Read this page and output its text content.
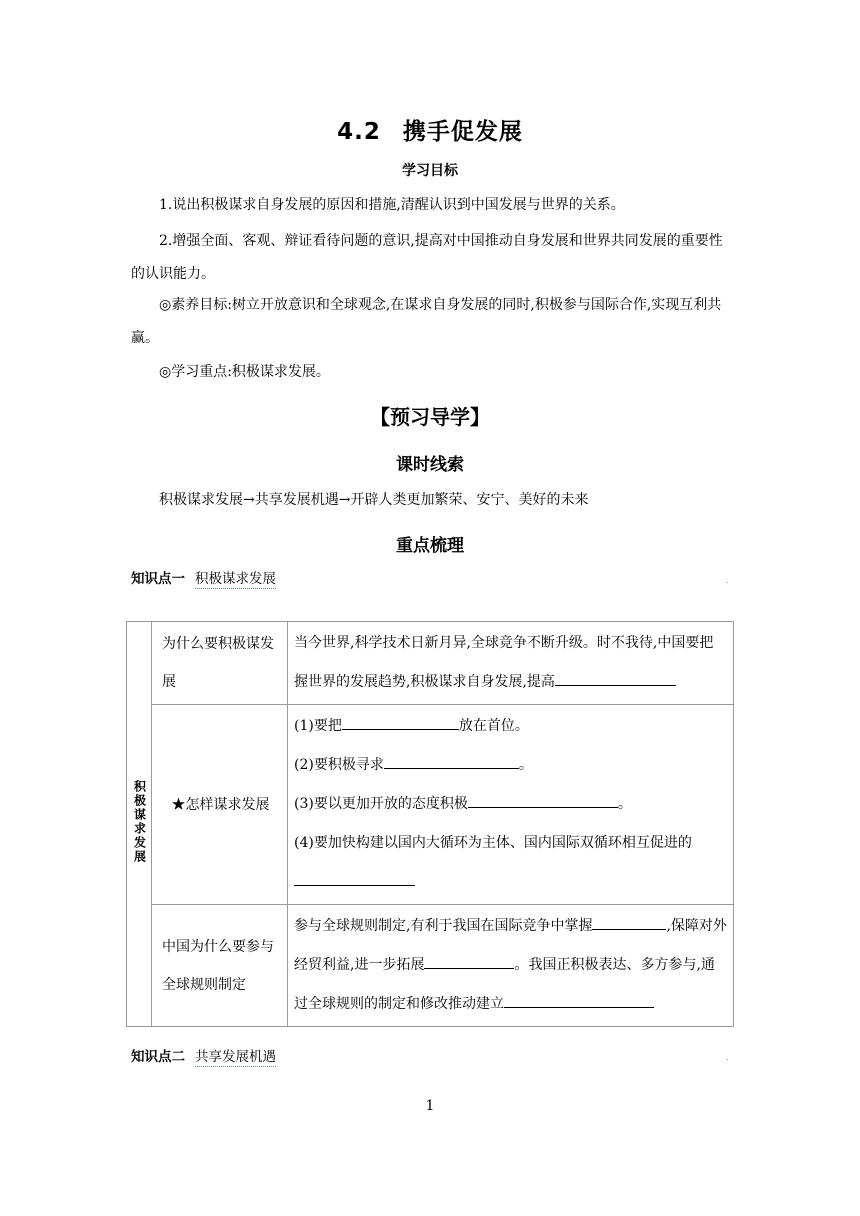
4.2 携手促发展
学习目标
1.说出积极谋求自身发展的原因和措施,清醒认识到中国发展与世界的关系。
2.增强全面、客观、辩证看待问题的意识,提高对中国推动自身发展和世界共同发展的重要性的认识能力。
◎素养目标:树立开放意识和全球观念,在谋求自身发展的同时,积极参与国际合作,实现互利共赢。
◎学习重点:积极谋求发展。
【预习导学】
课时线索
积极谋求发展→共享发展机遇→开辟人类更加繁荣、安宁、美好的未来
重点梳理
知识点一 积极谋求发展	.
积极谋求发展	为什么要积极谋发展	当今世界,科学技术日新月异,全球竞争不断升级。时不我待,中国要把握世界的发展趋势,积极谋求自身发展,提高
	★怎样谋求发展	(1)要把 放在首位。
(2)要积极寻求 。
(3)要以更加开放的态度积极 。
(4)要加快构建以国内大循环为主体、国内国际双循环相互促进的

	中国为什么要参与全球规则制定	参与全球规则制定,有利于我国在国际竞争中掌握 ,保障对外经贸利益,进一步拓展 。我国正积极表达、多方参与,通过全球规则的制定和修改推动建立
知识点二 共享发展机遇	.
1
